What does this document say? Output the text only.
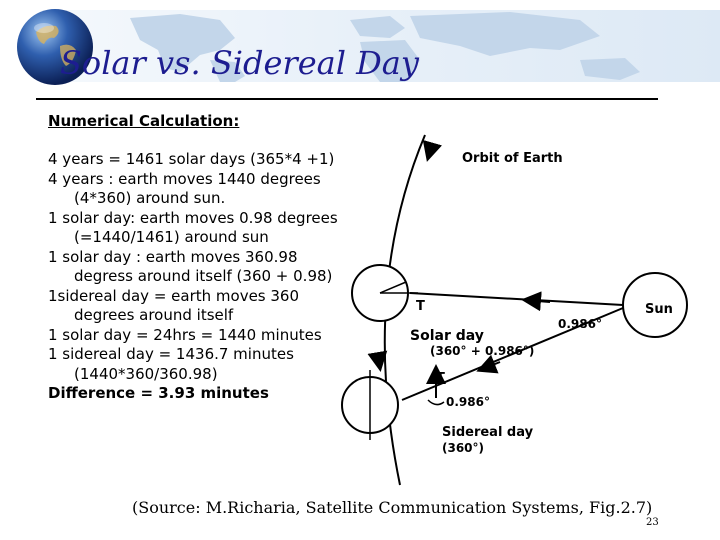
Solar vs. Sidereal Day
Numerical Calculation:
4 years = 1461 solar days (365*4 +1)
4 years : earth moves 1440 degrees (4*360) around sun.
1 solar day: earth moves 0.98 degrees (=1440/1461) around sun
1 solar day : earth moves 360.98 degress around itself (360 + 0.98)
1sidereal day = earth moves 360 degrees around itself
1 solar day = 24hrs = 1440 minutes
1 sidereal day = 1436.7 minutes (1440*360/360.98)
Difference = 3.93 minutes
Orbit of Earth
T	Sun
0.986°
Solar day
(360° + 0.986°)
T
0.986°
Sidereal day
(360°)
(Source: M.Richaria, Satellite Communication Systems, Fig.2.7)
23
